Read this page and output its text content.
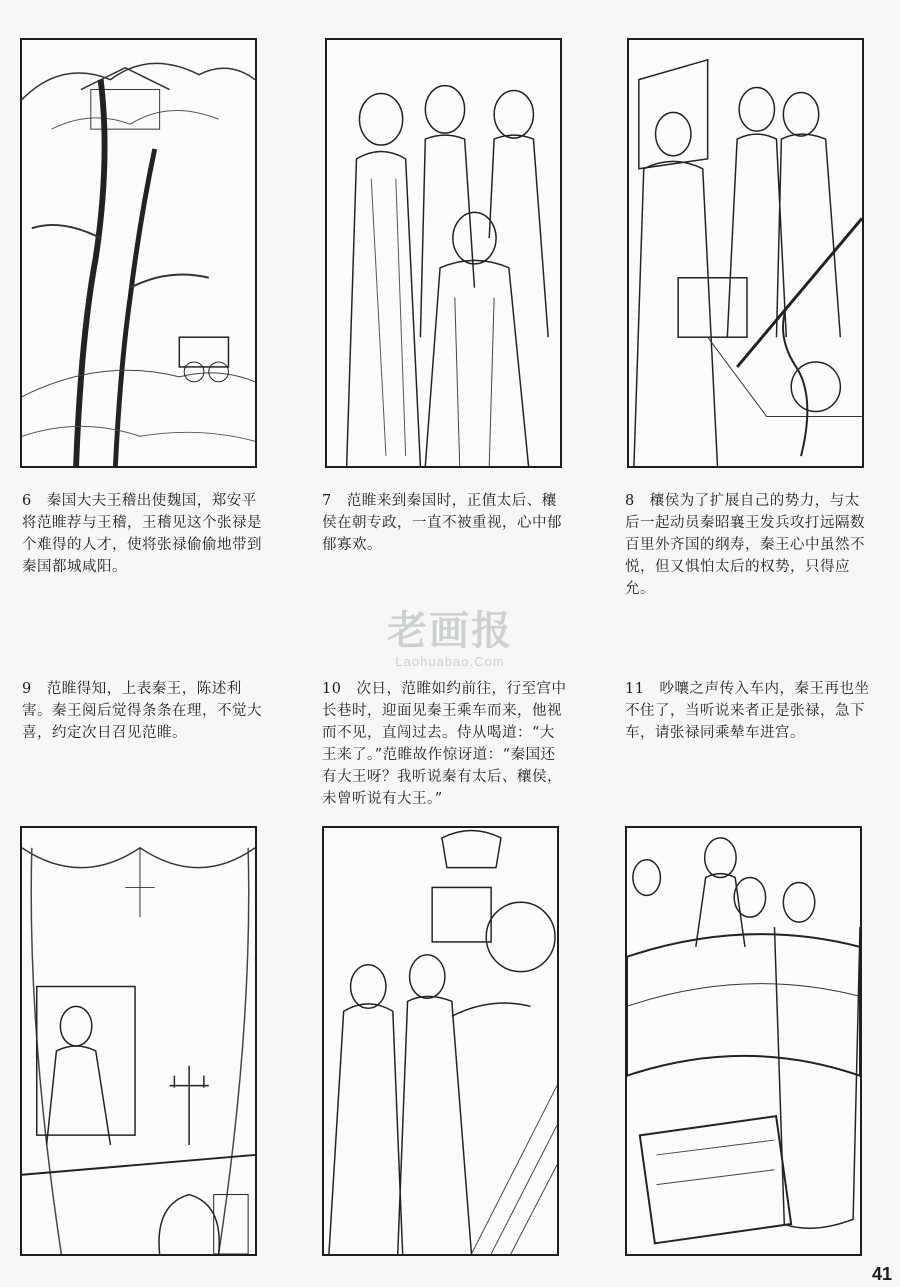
6　秦国大夫王稽出使魏国，郑安平将范睢荐与王稽，王稽见这个张禄是个难得的人才，使将张禄偷偷地带到秦国都城咸阳。

7　范睢来到秦国时，正值太后、穰侯在朝专政，一直不被重视，心中郁郁寡欢。

8　穰侯为了扩展自己的势力，与太后一起动员秦昭襄王发兵攻打远隔数百里外齐国的纲寿，秦王心中虽然不悦，但又惧怕太后的权势，只得应允。

老画报
Laohuabao.Com

9　范睢得知，上表秦王，陈述利害。秦王阅后觉得条条在理，不觉大喜，约定次日召见范睢。

10　次日，范睢如约前往，行至宫中长巷时，迎面见秦王乘车而来，他视而不见，直闯过去。侍从喝道：“大王来了。”范睢故作惊讶道：“秦国还有大王呀？我听说秦有太后、穰侯，未曾听说有大王。”

11　吵嚷之声传入车内，秦王再也坐不住了，当听说来者正是张禄，急下车，请张禄同乘辇车进宫。

41
